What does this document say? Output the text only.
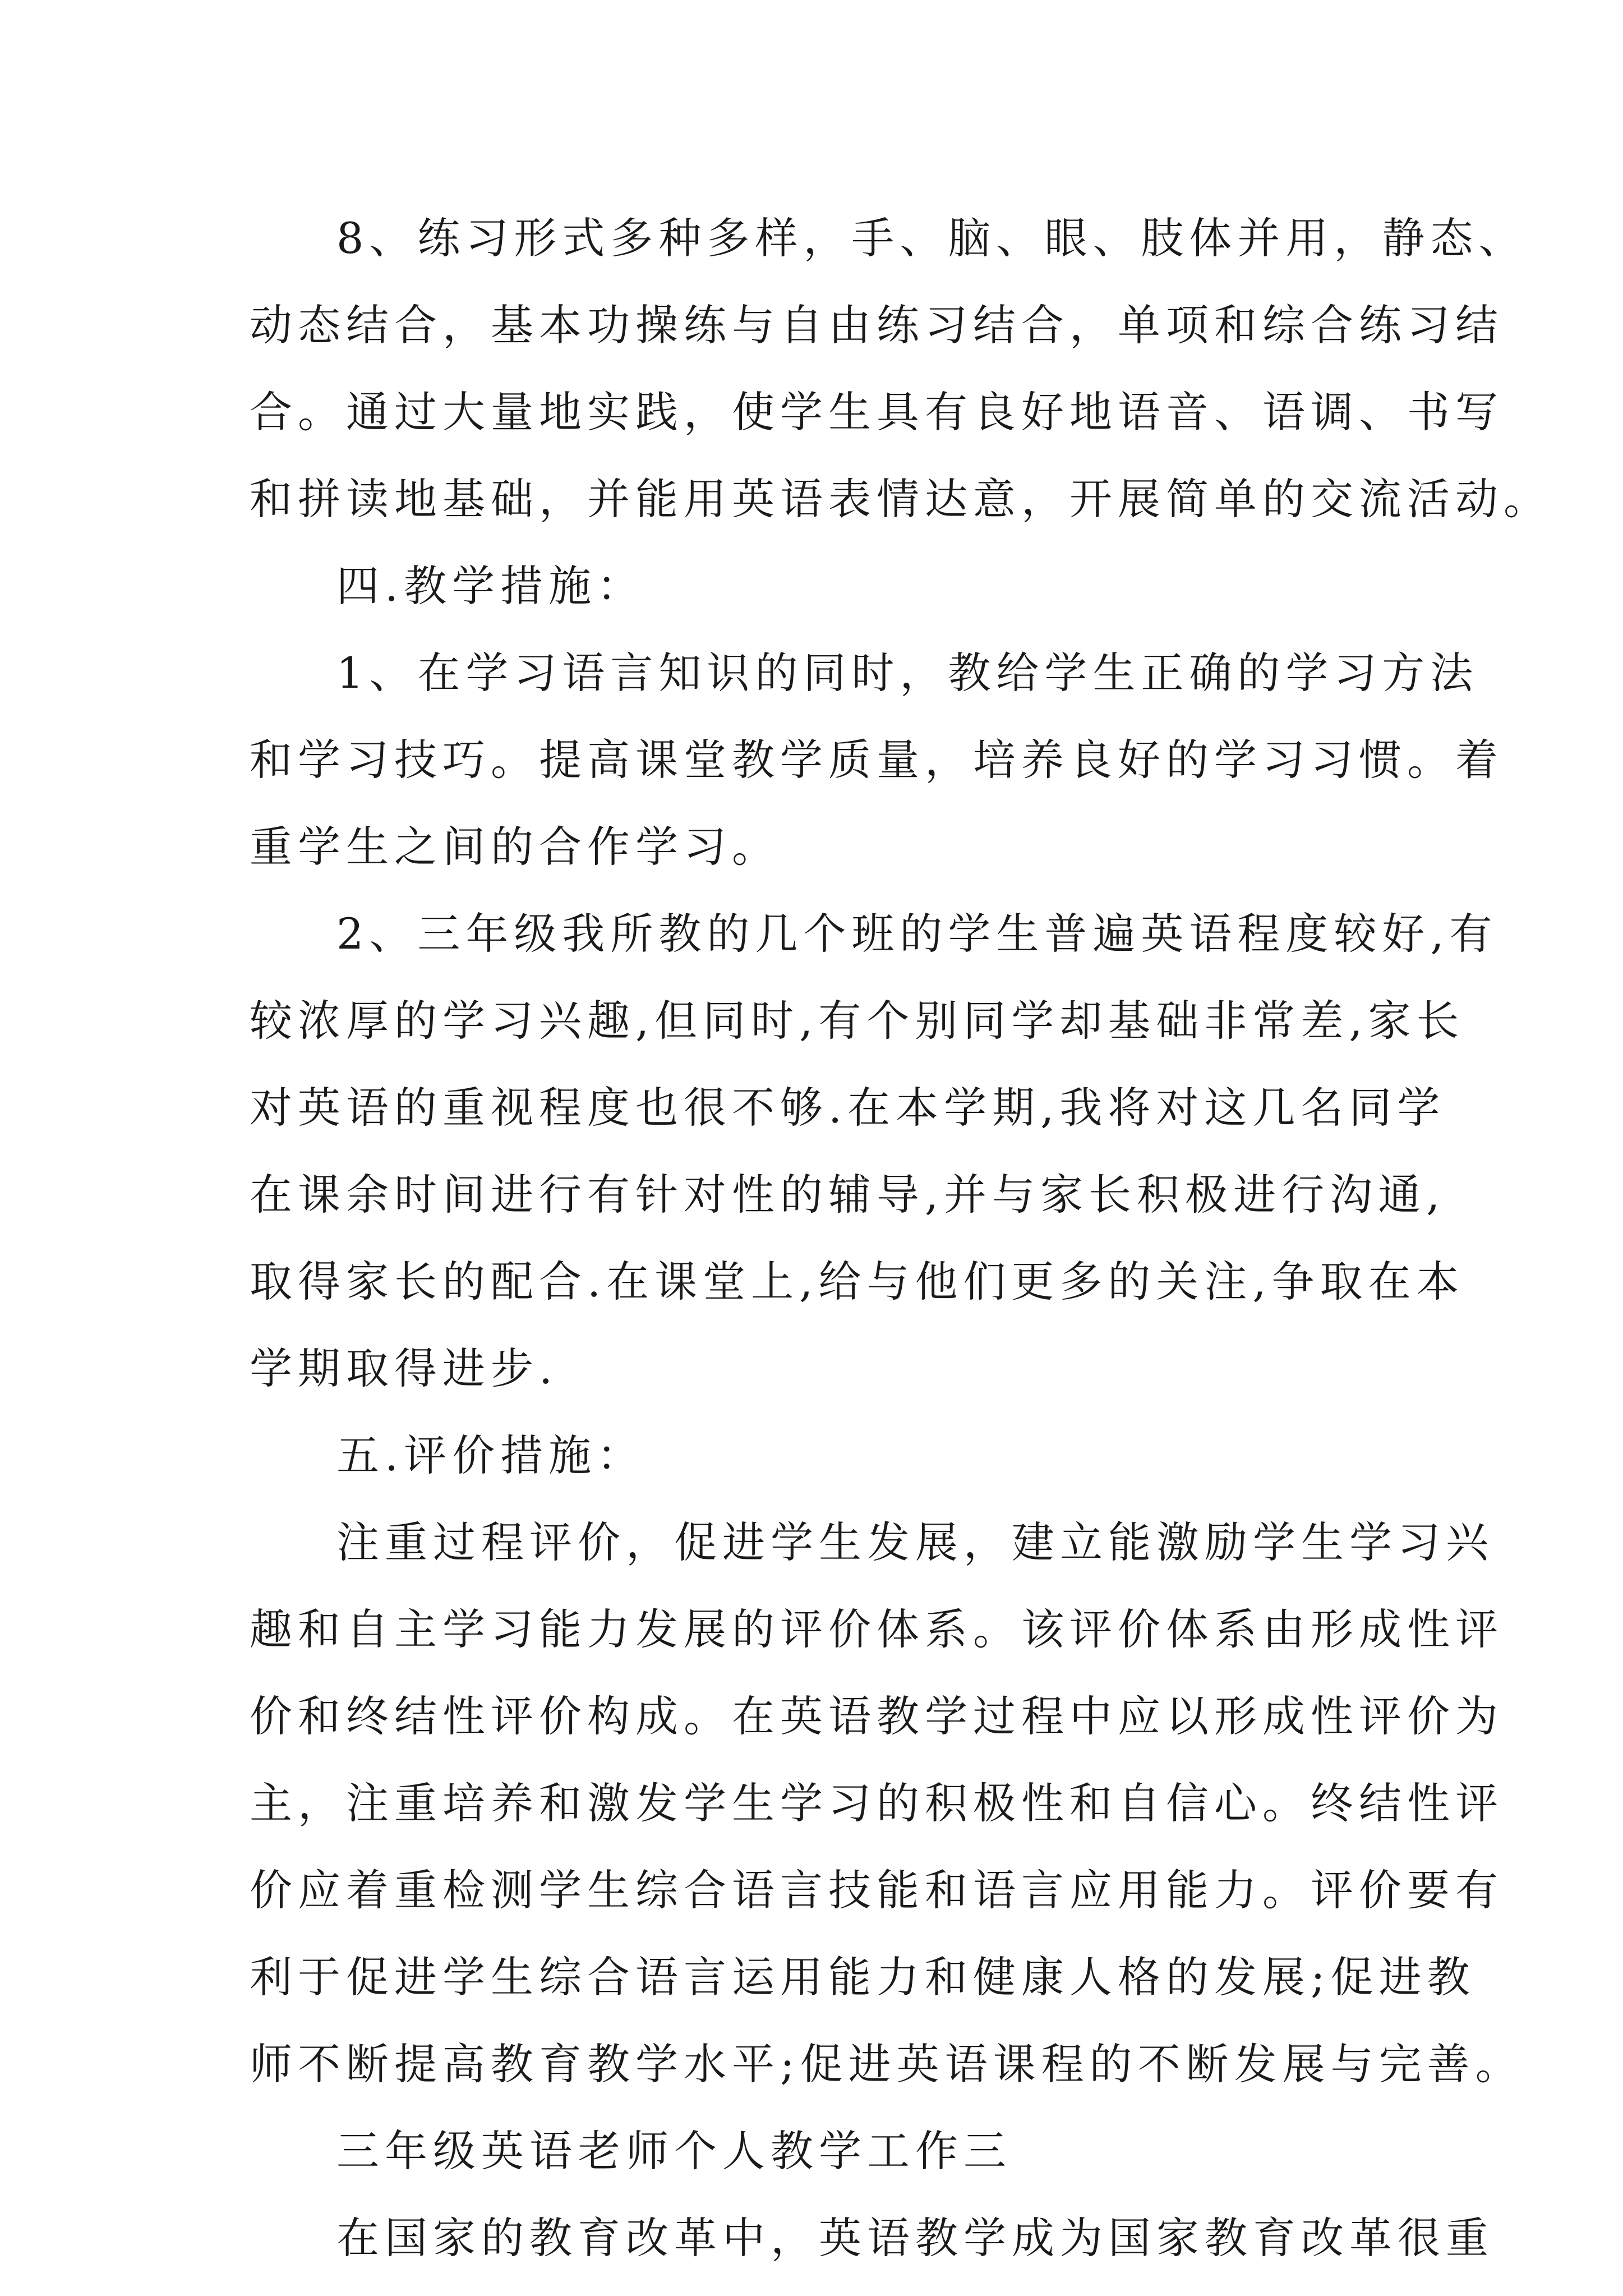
8、练习形式多种多样，手、脑、眼、肢体并用，静态、
动态结合，基本功操练与自由练习结合，单项和综合练习结
合。通过大量地实践，使学生具有良好地语音、语调、书写
和拼读地基础，并能用英语表情达意，开展简单的交流活动。
四.教学措施：
1、在学习语言知识的同时，教给学生正确的学习方法
和学习技巧。提高课堂教学质量，培养良好的学习习惯。着
重学生之间的合作学习。
2、三年级我所教的几个班的学生普遍英语程度较好,有
较浓厚的学习兴趣,但同时,有个别同学却基础非常差,家长
对英语的重视程度也很不够.在本学期,我将对这几名同学
在课余时间进行有针对性的辅导,并与家长积极进行沟通,
取得家长的配合.在课堂上,给与他们更多的关注,争取在本
学期取得进步.
五.评价措施：
注重过程评价，促进学生发展，建立能激励学生学习兴
趣和自主学习能力发展的评价体系。该评价体系由形成性评
价和终结性评价构成。在英语教学过程中应以形成性评价为
主，注重培养和激发学生学习的积极性和自信心。终结性评
价应着重检测学生综合语言技能和语言应用能力。评价要有
利于促进学生综合语言运用能力和健康人格的发展;促进教
师不断提高教育教学水平;促进英语课程的不断发展与完善。
三年级英语老师个人教学工作三
在国家的教育改革中，英语教学成为国家教育改革很重
